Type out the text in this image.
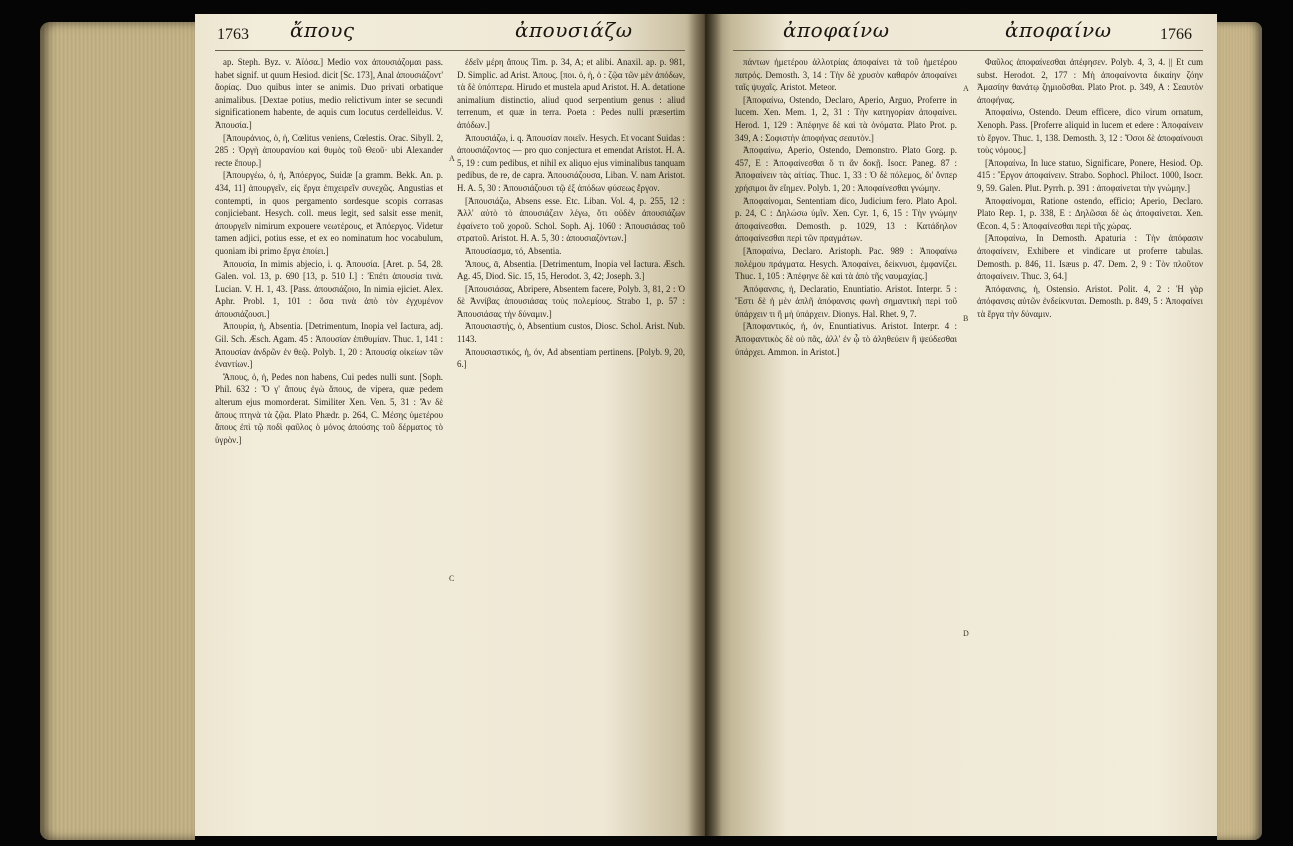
1763 ἄπους	ἀπουσιάζω

ap. Steph. Byz. v. Ἀϊόσα.] Medio vox ἀπουσιάζομαι pass. habet signif. ut quum Hesiod. dicit [Sc. 173], Anal ἀπουσιάζοντ' ἄορίας. Duo quibus inter se animis. Duo privati orbatique animalibus. [Dextae potius, medio relictivum inter se secundi significationem habente, de aquis cum locutus cerdelleidus. V. Ἀπουσία.]

[Ἀπουράνιος, ὁ, ἡ, Cœlitus veniens, Cœlestis. Orac. Sibyll. 2, 285 : Ὀργὴ ἀπουρανίου καὶ θυμὸς τοῦ Θεοῦ· ubi Alexander recte ἔπουρ.]

[Ἀπουργέω, ὁ, ἡ, Ἀπόεργος, Suidæ [a gramm. Bekk. An. p. 434, 11] ἀπουργεῖν, εἰς ἔργα ἐπιχειρεῖν συνεχῶς. Angustias et contempti, in quos pergamento sordesque scopis corrasas conjiciebant. Hesych. coll. meus legit, sed salsit esse menit, ἀπουργεῖν nimirum expouere νεωτέρους, et Ἀπόεργος. Videtur tamen adjici, potius esse, et ex eo nominatum hoc vocabulum, quoniam ibi primo ἔργα ἐποίει.]

Ἀπουσία, In mimis abjecio, i. q. Ἀπουσία. [Aret. p. 54, 28. Galen. vol. 13, p. 690 [13, p. 510 I.] : Ἐπέτι ἀπουσία τινὰ. Lucian. V. H. 1, 43. [Pass. ἀπουσιάζοιο, In nimia ejiciet. Alex. Aphr. Probl. 1, 101 : ὅσα τινὰ ἀπὸ τὸν ἐγχυμένον ἀπουσιάζουσι.]

Ἀπουρία, ἡ, Absentia. [Detrimentum, Inopia vel Iactura, adj. Gil. Sch. Æsch. Agam. 45 : Ἀπουσίαν ἐπιθυμίαν. Thuc. 1, 141 : Ἀπουσίαν ἀνδρῶν ἐν θεῷ. Polyb. 1, 20 : Ἀπουσίᾳ οἰκείων τῶν ἐναντίων.]

Ἄπους, ὁ, ἡ, Pedes non habens, Cui pedes nulli sunt. [Soph. Phil. 632 : Ὅ γ' ἄπους ἐγὼ ἄπους, de vipera, quæ pedem alterum ejus momorderat. Similiter Xen. Ven. 5, 31 : Ἄν δὲ ἄπους πτηνὰ τὰ ζῷα. Plato Phædr. p. 264, C. Μέσης ὑμετέρου ἄπους ἐπὶ τῷ ποδὶ φαῦλος ὁ μόνος ἀπούσης τοῦ δέρματος τὸ ὑγρὸν.]

ἐδεῖν μέρη ἄπους Tim. p. 34, A; et alibi. Anaxil. ap. p. 981, D. Simplic. ad Arist. Ἀπους. [ποι. ὁ, ἡ, ὁ : ζῷα τῶν μὲν ἀπόδων, τὰ δὲ ὑπόπτερα. Hirudo et mustela apud Aristot. H. A. detatione animalium distinctio, aliud quod serpentium genus : aliud terrenum, et quæ in terra. Poeta : Pedes nulli præsertim ἀπόδων.]

Ἀπουσιάζω, i. q. Ἀπουσίαν ποιεῖν. Hesych. Et vocant Suidas : ἀπουσιάζοντος — pro quo conjectura et emendat Aristot. H. A. 5, 19 : cum pedibus, et nihil ex aliquo ejus viminalibus tanquam pedibus, de re, de capra. Ἀπουσιάζουσα, Liban. V. nam Aristot. H. A. 5, 30 : Ἀπουσιάζουσι τῷ ἐξ ἀπόδων φύσεως ἔργον.

[Ἀπουσιάζω, Absens esse. Etc. Liban. Vol. 4, p. 255, 12 : Ἀλλ' αὐτὸ τὸ ἀπουσιάζειν λέγω, ὅτι οὐδὲν ἀπουσιάζων ἐφαίνετο τοῦ χοροῦ. Schol. Soph. Aj. 1060 : Ἀπουσιάσας τοῦ στρατοῦ. Aristot. H. A. 5, 30 : ἀπουσιαζόντων.]

Ἀπουσίασμα, τό, Absentia.

Ἄπους, ᾱ, Absentia. [Detrimentum, Inopia vel Iactura. Æsch. Ag. 45, Diod. Sic. 15, 15, Herodot. 3, 42; Joseph. 3.]

[Ἀπουσιάσας, Abripere, Absentem facere, Polyb. 3, 81, 2 : Ὁ δὲ Ἀννίβας ἀπουσιάσας τοὺς πολεμίους. Strabo 1, p. 57 : Ἀπουσιάσας τὴν δύναμιν.]

Ἀπουσιαστής, ὁ, Absentium custos, Diosc. Schol. Arist. Nub. 1143.

Ἀπουσιαστικός, ἡ, όν, Ad absentiam pertinens. [Polyb. 9, 20, 6.]

A
C
ἀποφαίνω	ἀποφαίνω	1766

πάντων ἡμετέρου ἀλλοτρίας ἀποφαίνει τὰ τοῦ ἡμετέρου πατρός. Demosth. 3, 14 : Τὴν δὲ χρυσὸν καθαρόν ἀποφαίνει ταῖς ψυχαῖς. Aristot. Meteor.

[Ἀποφαίνω, Ostendo, Declaro, Aperio, Arguo, Proferre in lucem. Xen. Mem. 1, 2, 31 : Τὴν κατηγορίαν ἀποφαίνει. Herod. 1, 129 : Ἀπέφηνε δὲ καὶ τὰ ὀνόματα. Plato Prot. p. 349, A : Σοφιστὴν ἀποφήνας σεαυτὸν.]

Ἀποφαίνω, Aperio, Ostendo, Demonstro. Plato Gorg. p. 457, E : Ἀποφαίνεσθαι ὅ τι ἂν δοκῇ. Isocr. Paneg. 87 : Ἀποφαίνειν τὰς αἰτίας. Thuc. 1, 33 : Ὁ δὲ πόλεμος, δι' ὅνπερ χρήσιμοι ἂν εἴημεν. Polyb. 1, 20 : Ἀποφαίνεσθαι γνώμην.

Ἀποφαίνομαι, Sententiam dico, Judicium fero. Plato Apol. p. 24, C : Δηλώσω ὑμῖν. Xen. Cyr. 1, 6, 15 : Τὴν γνώμην ἀποφαίνεσθαι. Demosth. p. 1029, 13 : Κατάδηλον ἀποφαίνεσθαι περὶ τῶν πραγμάτων.

[Ἀποφαίνω, Declaro. Aristoph. Pac. 989 : Ἀποφαίνω πολέμου πράγματα. Hesych. Ἀποφαίνει, δείκνυσι, ἐμφανίζει. Thuc. 1, 105 : Ἀπέφηνε δὲ καὶ τὰ ἀπὸ τῆς ναυμαχίας.]

Ἀπόφανσις, ἡ, Declaratio, Enuntiatio. Aristot. Interpr. 5 : Ἔστι δὲ ἡ μὲν ἁπλῆ ἀπόφανσις φωνὴ σημαντικὴ περὶ τοῦ ὑπάρχειν τι ἢ μὴ ὑπάρχειν. Dionys. Hal. Rhet. 9, 7.

[Ἀποφαντικός, ἡ, όν, Enuntiativus. Aristot. Interpr. 4 : Ἀποφαντικὸς δὲ οὐ πᾶς, ἀλλ' ἐν ᾧ τὸ ἀληθεύειν ἢ ψεύδεσθαι ὑπάρχει. Ammon. in Aristot.]

Φαῦλος ἀποφαίνεσθαι ἀπέφησεν. Polyb. 4, 3, 4. || Et cum subst. Herodot. 2, 177 : Μὴ ἀποφαίνοντα δικαίην ζόην Ἀμασίην θανάτῳ ζημιοῦσθαι. Plato Prot. p. 349, A : Σεαυτὸν ἀποφήνας.

Ἀποφαίνω, Ostendo. Deum efficere, dico virum ornatum, Xenoph. Pass. [Proferre aliquid in lucem et edere : Ἀποφαίνειν τὸ ἔργον. Thuc. 1, 138. Demosth. 3, 12 : Ὅσοι δὲ ἀποφαίνουσι τοὺς νόμους.]

[Ἀποφαίνω, In luce statuo, Significare, Ponere, Hesiod. Op. 415 : Ἔργον ἀποφαίνειν. Strabo. Sophocl. Philoct. 1000, Isocr. 9, 59. Galen. Plut. Pyrrh. p. 391 : ἀποφαίνεται τὴν γνώμην.]

Ἀποφαίνομαι, Ratione ostendo, efficio; Aperio, Declaro. Plato Rep. 1, p. 338, E : Δηλῶσαι δὲ ὡς ἀποφαίνεται. Xen. Œcon. 4, 5 : Ἀποφαίνεσθαι περὶ τῆς χώρας.

[Ἀποφαίνω, In Demosth. Apaturia : Τὴν ἀπόφασιν ἀποφαίνειν, Exhibere et vindicare ut proferre tabulas. Demosth. p. 846, 11. Isæus p. 47. Dem. 2, 9 : Τὸν πλοῦτον ἀποφαίνειν. Thuc. 3, 64.]

Ἀπόφανσις, ἡ, Ostensio. Aristot. Polit. 4, 2 : Ἡ γὰρ ἀπόφανσις αὐτῶν ἐνδείκνυται. Demosth. p. 849, 5 : Ἀποφαίνει τὰ ἔργα τὴν δύναμιν.

A
B
D
